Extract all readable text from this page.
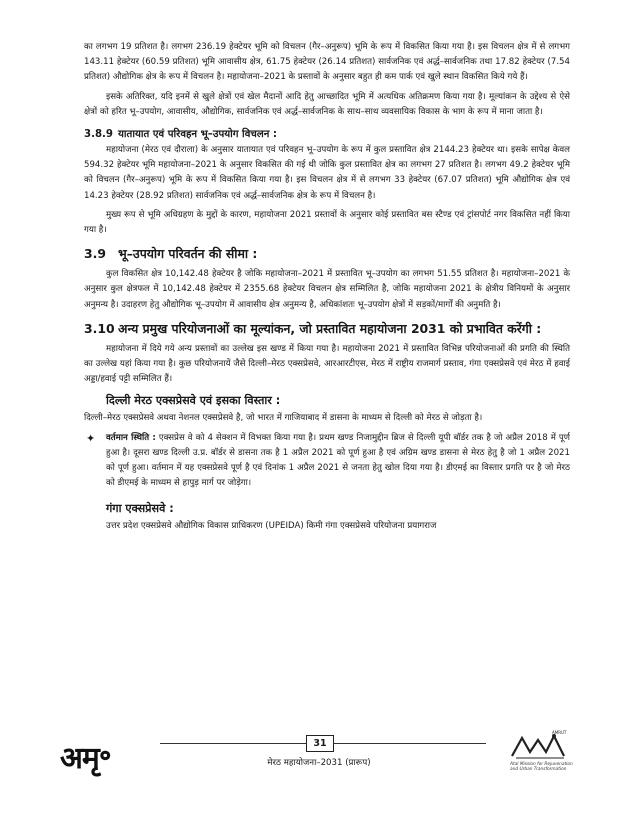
का लगभग 19 प्रतिशत है। लगभग 236.19 हेक्टेयर भूमि को विचलन (गैर–अनुरूप) भूमि के रूप में विकसित किया गया है। इस विचलन क्षेत्र में से लगभग 143.11 हेक्टेयर (60.59 प्रतिशत) भूमि आवासीय क्षेत्र, 61.75 हेक्टेयर (26.14 प्रतिशत) सार्वजनिक एवं अर्द्ध–सार्वजनिक तथा 17.82 हेक्टेयर (7.54 प्रतिशत) औद्योगिक क्षेत्र के रूप में विचलन है। महायोजना–2021 के प्रस्तावों के अनुसार बहुत ही कम पार्क एवं खुले स्थान विकसित किये गये हैं।

इसके अतिरिक्त, यदि इनमें से खुले क्षेत्रों एवं खेल मैदानों आदि हेतु आच्छादित भूमि में अत्यधिक अतिक्रमण किया गया है। मूल्यांकन के उद्देश्य से ऐसे क्षेत्रों को हरित भू–उपयोग, आवासीय, औद्योगिक, सार्वजनिक एवं अर्द्ध–सार्वजनिक के साथ–साथ व्यवसायिक विकास के भाग के रूप में माना जाता है।

3.8.9 यातायात एवं परिवहन भू–उपयोग विचलन :

महायोजना (मेरठ एवं दौराला) के अनुसार यातायात एवं परिवहन भू–उपयोग के रूप में कुल प्रस्तावित क्षेत्र 2144.23 हेक्टेयर था। इसके सापेक्ष केवल 594.32 हेक्टेयर भूमि महायोजना–2021 के अनुसार विकसित की गई थी जोकि कुल प्रस्तावित क्षेत्र का लगभग 27 प्रतिशत है। लगभग 49.2 हेक्टेयर भूमि को विचलन (गैर–अनुरूप) भूमि के रूप में विकसित किया गया है। इस विचलन क्षेत्र में से लगभग 33 हेक्टेयर (67.07 प्रतिशत) भूमि औद्योगिक क्षेत्र एवं 14.23 हेक्टेयर (28.92 प्रतिशत) सार्वजनिक एवं अर्द्ध–सार्वजनिक क्षेत्र के रूप में विचलन है।

मुख्य रूप से भूमि अधिग्रहण के मुद्दों के कारण, महायोजना 2021 प्रस्तावों के अनुसार कोई प्रस्तावित बस स्टैण्ड एवं ट्रांसपोर्ट नगर विकसित नहीं किया गया है।

3.9 भू–उपयोग परिवर्तन की सीमा :

कुल विकसित क्षेत्र 10,142.48 हेक्टेयर है जोकि महायोजना–2021 में प्रस्तावित भू–उपयोग का लगभग 51.55 प्रतिशत है। महायोजना–2021 के अनुसार कुल क्षेत्रफल में 10,142.48 हेक्टेयर में 2355.68 हेक्टेयर विचलन क्षेत्र सम्मिलित है, जोकि महायोजना 2021 के क्षेत्रीय विनियमों के अनुसार अनुमन्य है। उदाहरण हेतु औद्योगिक भू–उपयोग में आवासीय क्षेत्र अनुमन्य है, अधिकांशतः भू–उपयोग क्षेत्रों में सड़कों/मार्गों की अनुमति है।

3.10 अन्य प्रमुख परियोजनाओं का मूल्यांकन, जो प्रस्तावित महायोजना 2031 को प्रभावित करेंगी :

महायोजना में दिये गये अन्य प्रस्तावों का उल्लेख इस खण्ड में किया गया है। महायोजना 2021 में प्रस्तावित विभिन्न परियोजनाओं की प्रगति की स्थिति का उल्लेख यहां किया गया है। कुछ परियोजनायें जैसे दिल्ली–मेरठ एक्सप्रेसवे, आरआरटीएस, मेरठ में राष्ट्रीय राजमार्ग प्रस्ताव, गंगा एक्सप्रेसवे एवं मेरठ में हवाई अड्डा/हवाई पट्टी सम्मिलित हैं।

दिल्ली मेरठ एक्सप्रेसवे एवं इसका विस्तार :

दिल्ली–मेरठ एक्सप्रेसवे अथवा नेशनल एक्सप्रेसवे है, जो भारत में गाजियाबाद में डासना के माध्यम से दिल्ली को मेरठ से जोड़ता है।

✦	वर्तमान स्थिति : एक्सप्रेस वे को 4 सेक्शन में विभक्त किया गया है। प्रथम खण्ड निजामुद्दीन ब्रिज से दिल्ली यूपी बॉर्डर तक है जो अप्रैल 2018 में पूर्ण हुआ है। दूसरा खण्ड दिल्ली उ.प्र. बॉर्डर से डासना तक है 1 अप्रैल 2021 को पूर्ण हुआ है एवं अग्रिम खण्ड डासना से मेरठ हेतु है जो 1 अप्रैल 2021 को पूर्ण हुआ। वर्तमान में यह एक्सप्रेसवे पूर्ण है एवं दिनांक 1 अप्रैल 2021 से जनता हेतु खोल दिया गया है। डीएमई का विस्तार प्रगति पर है जो मेरठ को डीएमई के माध्यम से हापुड़ मार्ग पर जोड़ेगा।

गंगा एक्सप्रेसवे :

उत्तर प्रदेश एक्सप्रेसवे औद्योगिक विकास प्राधिकरण (UPEIDA) किमी गंगा एक्सप्रेसवे परियोजना प्रयागराज

अमृ॰	31
मेरठ महायोजना–2031 (प्रारूप)
AMRUT
Atal Mission for Rejuvenation and Urban Transformation
